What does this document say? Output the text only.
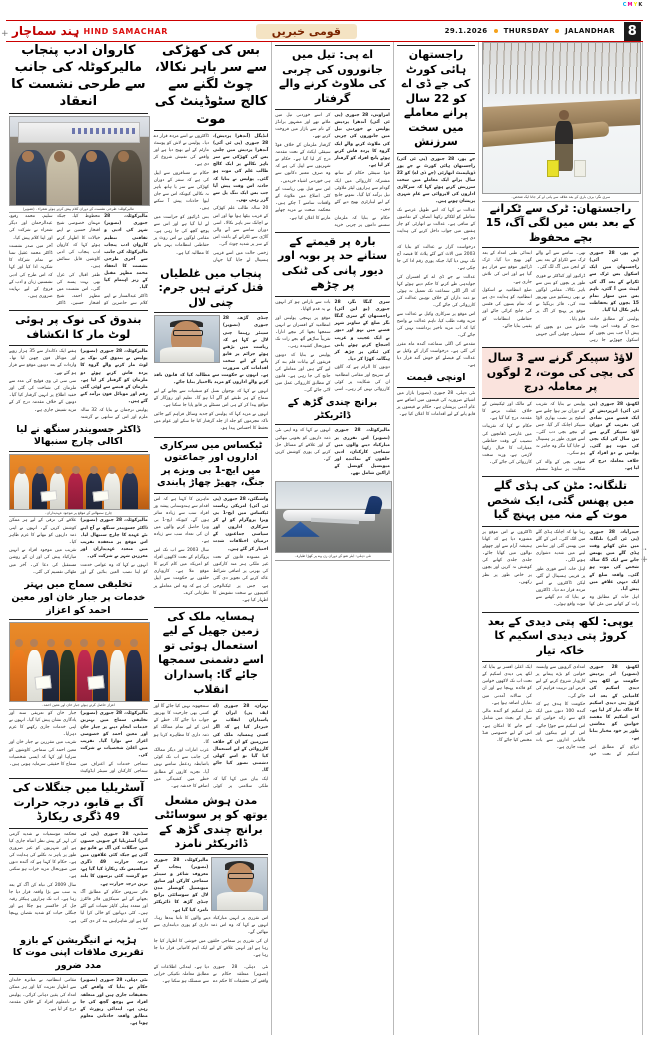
CMYK
+
+
••
ہِند سماچار HIND SAMACHAR	قومی خبریں	29.1.2026 THURSDAY JALANDHAR 8
کاروان ادب پنجاب مالیرکوٹلہ کی جانب سے طرحی نشست کا انعقاد
مالیرکوٹلہ: طرحی نشست کے دوران کلام پیش کرتے ہوئے شعراء۔ (تصویر)

مالیرکوٹلہ، 28 جنوری (تصویر) شہر کی ادبی و ثقافتی تنظیم کاروان ادب پنجاب مالیرکوٹلہ کی جانب سے آخری طرحی نشست کا انعقاد محمد مظہر مقبل کے زیر اہتمام کیا گیا۔

ڈاکٹر عبدالستار نے اپنے کلام سے حاضرین کو محظوظ کیا، جبکہ مہمان خصوصی شیخ افتخار حسین نے اپنے خیالات کا اظہار کرتے ہوئے کہا کہ کاروان ادب پنجاب کی ادبی کاوشیں قابل ستائش ہیں۔

ظفر اقبال کی غزل بھی بہت پسند کی گئی۔ اس نشست میں مظہر احمد، شیخ افتخار حسین، ڈاکٹر سلیم، محمد رفیع، عبدالرحمان اور دیگر شعراء نے شرکت کی اور اپنا کلام پیش کیا۔

آخر میں صدر نشست ڈاکٹر محمد عقیل تمنا نے تمام شرکاء کا شکریہ ادا کیا اور کہا کہ اس طرح کی ادبی نشستیں زبان و ادب کے فروغ کے لیے نہایت ضروری ہیں۔

بندوق کی نوک پر ہوئی لوٹ مار کا انکشاف

مالیرکوٹلہ، 28 جنوری (تصویر) پولیس نے بندوق کی نوک پر لوٹ مار کرنے والے گروہ کا پردہ فاش کرتے ہوئے دو ملزمان کو گرفتار کر لیا ہے۔ ملزمان کے قبضے سے لوٹی گئی رقم اور موبائل فون برآمد کیے گئے ہیں۔

پولیس ترجمان نے بتایا کہ 32 سالہ ملزم اور اس کے ساتھی نے گزشتہ ہفتے ایک دکاندار سے 35 ہزار روپے اور موبائل فون چھین لیا تھا۔ واردات کے بعد دونوں موقع سے فرار ہو گئے تھے۔

سی سی ٹی وی فوٹیج کی مدد سے ملزمان کی شناخت کی گئی اور خفیہ اطلاع پر انہیں گرفتار کیا گیا۔ دونوں کے خلاف مقدمہ درج کر کے مزید تفتیش جاری ہے۔

ڈاکٹر جسویندر سنگھ نے لیا اکالی چارج سنبھالا
چارج سنبھالنے کے موقع پر موجود عہدیداران۔

مالیرکوٹلہ، 28 جنوری (تصویر) ڈاکٹر جسویندر سنگھ نے آج اپنے نئے عہدے کا چارج سنبھال لیا۔ اس موقع پر منعقدہ تقریب میں متعدد عہدیداران اور معززین شہر نے شرکت کی۔

انہوں نے کہا کہ وہ عوامی خدمت کو اپنا نصب العین بنائیں گے اور علاقے کی ترقی کے لیے ہر ممکن کوشش کریں گے۔ انہوں نے اپنی ذمہ داریوں کو نبھانے کا عزم ظاہر کیا۔

تقریب میں موجود افراد نے انہیں مبارکباد پیش کی اور ان کے روشن مستقبل کی دعا کی۔ آخر میں مٹھائی تقسیم کی گئی۔

تخلیقی سماج میں بہتر خدمات پر جبار خان اور معین احمد کو اعزاز
اعزاز حاصل کرتے ہوئے جبار خان اور معین احمد۔

مالیرکوٹلہ، 28 جنوری (تصویر) تخلیقی سماج میں بہترین خدمات انجام دینے پر جبار خان اور معین احمد کو خصوصی اعزاز سے نوازا گیا۔ تقریب میں اعلیٰ شخصیات نے شرکت کی۔

سماجی خدمات کے اعتراف میں سماجی کارکنان اور سینئر ایڈوکیٹ جبار خان کو تعریفی سند اور یادگاری نشان پیش کیا گیا۔ انہوں نے اپنی خدمات جاری رکھنے کا عزم دہرایا۔

تقریب میں مقررین نے جبار خان اور معین احمد کی سماجی کاوشوں کو سراہا اور کہا کہ ایسی شخصیات سماج کا حقیقی سرمایہ ہوتی ہیں۔

آسٹریلیا میں جنگلات کی آگ بے قابو، درجہ حرارت 49 ڈگری ریکارڈ

سڈنی، 28 جنوری (پی ٹی آئی) آسٹریلیا کے جنوبی حصوں میں جنگلات کی آگ بے قابو ہو گئی ہے جبکہ کئی علاقوں میں درجہ حرارت 49 ڈگری سیلسیس تک ریکارڈ کیا گیا ہے، جو گزشتہ کئی برسوں کا بلند ترین درجہ حرارت ہے۔

فائر سروس حکام کے مطابق آگ بجھانے کے لیے سینکڑوں فائر فائٹرز اور متعدد ہیلی کاپٹر تعینات کیے گئے ہیں۔ کئی دیہاتوں کو خالی کرا لیا گیا ہے اور شاہراہیں بند کر دی گئی ہیں۔

محکمہ موسمیات نے شدید گرمی کی لہر کے پیش نظر انتباہ جاری کیا ہے اور شہریوں کو غیر ضروری طور پر باہر نہ نکلنے کی ہدایت کی ہے۔ حکام کا کہنا ہے کہ آئندہ دنوں میں صورتحال مزید خراب ہو سکتی ہے۔

سال 2009 کی تباہ کن آگ کے بعد یہ سب سے بڑا واقعہ قرار دیا جا رہا ہے۔ اب تک ہزاروں ہیکٹر رقبہ جل کر خاکستر ہو چکا ہے اور جنگلی حیات کو شدید نقصان پہنچا ہے۔

ہڑپہ نے انیگریشن کے بازو تقریری ملاقات اپنی موت کا مدد ضرور

نئی دہلی، 28 جنوری (تصویر) حکام نے بتایا کہ واقعے کی تحقیقات جاری ہیں اور متعلقہ افراد سے پوچھ گچھ کی جا رہی ہے۔ ابتدائی رپورٹ کے مطابق واقعہ حادثاتی معلوم ہوتا ہے۔

مقامی انتظامیہ نے متاثرہ خاندان سے اظہار تعزیت کیا اور ہر ممکن امداد کی یقین دہانی کرائی۔ پولیس نے نامعلوم افراد کے خلاف مقدمہ درج کر لیا ہے۔

بس کی کھڑکی سے سر باہر نکالا، چوٹ لگنے سے کالج سٹوڈینٹ کی موت

انڈیگل (آندھرا پردیش)، 28 جنوری (پی ٹی آئی) آندھرا پردیش میں چلتی بس کی کھڑکی سے سر باہر نکالنے پر ایک کالج طالب علم کی موت ہو گئی۔ پولیس نے بتایا کہ حادثہ اس وقت پیش آیا جب بس ایک تنگ پل سے گزر رہی تھی۔

20 سالہ طالب علم کھڑکی کے قریب بیٹھا ہوا تھا اور اس نے اچانک سر باہر نکالا۔ اسی دوران سامنے سے آنے والی گاڑی سے ٹکرانے کے باعث اس کے سر پر شدید چوٹ آئی۔

زخمی حالت میں اسے قریبی ہسپتال لے جایا گیا جہاں ڈاکٹروں نے اسے مردہ قرار دے دیا۔ پولیس نے لاش کو پوسٹ مارٹم کے لیے بھیج دیا ہے اور واقعے کی تفتیش شروع کر دی ہے۔

حکام نے مسافروں سے اپیل کی ہے کہ سفر کے دوران کھڑکی سے سر یا ہاتھ باہر نہ نکالیں کیونکہ اس سے جان لیوا حادثات پیش آ سکتے ہیں۔

بس ڈرائیور کو حراست میں لے لیا گیا ہے اور اس سے پوچھ گچھ کی جا رہی ہے۔ مقامی لوگوں نے اس روٹ پر حفاظتی انتظامات بہتر بنانے کا مطالبہ کیا ہے۔

پنجاب میں غلطیاں قتل کرتے ہیں جرم: چنی لال

چنڈی گڑھ، 28 جنوری (تصویر) سینئر رہنما چنی لال نے کہا ہے کہ ریاست میں بڑھتے ہوئے جرائم پر قابو پانے کے لیے سخت اقدامات کی ضرورت ہے۔ انہوں نے حکومت سے مطالبہ کیا کہ قانون نافذ کرنے والے اداروں کو مزید بااختیار بنایا جائے۔

انہوں نے کہا کہ نوجوان نسل کو منشیات سے بچانے کے لیے سماج کے ہر طبقے کو آگے آنا ہو گا۔ تعلیم اور روزگار کے مواقع پیدا کر کے ہی اس مسئلے پر قابو پایا جا سکتا ہے۔

انہوں نے مزید کہا کہ پولیس کو جدید وسائل فراہم کیے جائیں تاکہ مجرموں کو جلد از جلد گرفتار کیا جا سکے اور عوام میں تحفظ کا احساس پیدا ہو۔

ٹیکساس میں سرکاری اداروں اور جماعتوں میں ایچ-1 بی ویزے پر جنگ، چھیڑ چھاڑ پابندی

واشنگٹن، 28 جنوری (پی ٹی آئی) امریکی ریاست ٹیکساس میں ایچ-1 بی ویزا پروگرام کو لے کر سرکاری اداروں اور سیاسی جماعتوں کے درمیان اختلافات شدت اختیار کر گئے ہیں۔

نئے مسودہ قانون کے تحت غیر ملکی ہنر مند کارکنوں کی بھرتی پر اضافی شرائط عائد کرنے کی تجویز دی گئی ہے، جس پر ٹیکنالوجی کمپنیوں نے سخت تشویش کا اظہار کیا ہے۔

ماہرین کا کہنا ہے کہ اس اقدام سے ہندوستانی پیشہ ور افراد سب سے زیادہ متاثر ہوں گے، کیونکہ ایچ-1 بی ویزا حاصل کرنے والوں میں ان کی تعداد سب سے زیادہ ہے۔

سال 2003 سے اب تک اس پروگرام کے تحت لاکھوں افراد کو امریکہ میں کام کرنے کا موقع ملا ہے۔ کاروباری حلقوں نے حکومت سے اپیل کی ہے کہ وہ اس معاملے پر نظرثانی کرے۔

ہمسایہ ملک کی زمین جھیل کے لیے استعمال ہوئی تو اسے دشمنی سمجھا جائے گا: پاسداران انقلاب

تہران، 28 جنوری (اے ایف پی) ایران کے پاسداران انقلاب نے خبردار کیا ہے کہ اگر کسی ہمسایہ ملک کی سرزمین کو ان کے خلاف کارروائی کے لیے استعمال کیا گیا تو اسے کھلی دشمنی تصور کیا جائے گا۔

ایک بیان میں کہا گیا کہ ملکی سلامتی پر کوئی سمجھوتہ نہیں کیا جائے گا اور کسی بھی جارحیت کا بھرپور جواب دیا جائے گا۔ خطے کے امن کے لیے تمام ممالک کو ذمہ داری کا مظاہرہ کرنا ہو گا۔

عرب امارات اور دیگر ممالک کی جانب سے اب تک کوئی باضابطہ ردعمل سامنے نہیں آیا۔ تجزیہ کاروں کے مطابق خطے میں کشیدگی میں اضافے کا خدشہ ہے۔

مدن ہوش مشعل یوتھ کو پر سوسائٹی برانچ چندی گڑھ کے ڈائریکٹر نامزد

مالیرکوٹلہ، 28 جنوری (تصویر) پنجاب کے معروف شاعر و سینئر سماجی کارکن اور سابق میونسپل کونسلر مدن لال کو سوسائٹی برانچ چنڈی گڑھ کا ڈائریکٹر نامزد کیا گیا ہے۔

اس تقرری پر انہیں مبارکباد دینے والوں کا تانتا بندھا رہا۔ انہوں نے کہا کہ وہ اس ذمہ داری کو پوری دیانتداری سے نبھائیں گے۔

ان کی تقرری پر سماجی حلقوں میں خوشی کا اظہار کیا جا رہا ہے اور انہیں علاقے کے لیے ایک اہم کامیابی قرار دیا جا رہا ہے۔

نئی دہلی، 28 جنوری (تصویر) متعلقہ حکام نے واقعے کی تحقیقات کا حکم دے دیا ہے۔ ابتدائی اطلاعات کے مطابق معاملہ تکنیکی خرابی سے منسلک ہو سکتا ہے۔

اے پی: تیل میں جانوروں کی چربی کی ملاوٹ کرنے والے گرفتار

امراوتی، 28 جنوری (پی ٹی آئی) آندھرا پردیش پولیس نے خوردنی تیل میں جانوروں کی چربی کی ملاوٹ کرنے والے ایک گروہ کا پردہ فاش کرتے ہوئے پانچ افراد کو گرفتار کر لیا ہے۔

فوڈ سیفٹی حکام کے ساتھ مشترکہ کارروائی میں ایک گودام سے ہزاروں لیٹر ملاوٹی تیل برآمد کیا گیا۔ نمونے جانچ کے لیے لیبارٹری بھیج دیے گئے ہیں۔

حکام نے بتایا کہ ملزمان سستے داموں پر چربی خرید کر اسے خوردنی تیل میں ملاتے تھے اور مشہور برانڈز کے نام سے بازار میں فروخت کرتے تھے۔

گرفتار ملزمان کے خلاف فوڈ سیفٹی ایکٹ کے تحت مقدمہ درج کر لیا گیا ہے۔ حکام نے شہریوں سے اپیل کی ہے کہ وہ صرف معتبر دکانوں سے ہی خوردنی اشیاء خریدیں۔

اس سے قبل بھی ریاست کے کئی اضلاع میں ملاوٹ کے واقعات سامنے آ چکے ہیں۔ محکمہ صحت نے مزید چھاپے مارنے کا اعلان کیا ہے۔

بارہ پر قیمتے کے ستانے حد پر بوبہ اور دیور پانی کی ٹنکی پر چڑھے

سری گنگا نگر، 28 جنوری (یو این آئی) راجستھان کے سری گنگا نگر ضلع کے ساوتر شہر قصبے میں بہو اور دیور نے ایک عجیب و غریب احتجاج کرتے ہوئے پانی کی ٹنکی پر چڑھ کر ہنگامہ کھڑا کر دیا۔

دونوں کا الزام ہے کہ گاؤں کے سرپنچ اور مقامی انتظامیہ ان کی شکایت پر کوئی کارروائی نہیں کر رہی۔ اسی بات سے ناراض ہو کر انہوں نے یہ قدم اٹھایا۔

موقع پر پہنچی پولیس اور انتظامیہ کے افسران نے انہیں سمجھا بجھا کر نیچے اتارا۔ تقریباً ساڑھے آٹھ بجے رات تک صورتحال کشیدہ رہی۔

پولیس نے بتایا کہ دونوں فریقوں کے بیانات قلم بند کر لیے گئے ہیں اور معاملے کی جانچ کی جا رہی ہے۔ قانون کے مطابق کارروائی عمل میں لائی جائے گی۔

برانچ چندی گڑھ کے ڈائریکٹر

مالیرکوٹلہ، 28 جنوری (تصویر) اس تقرری پر مبارکباد دینے والوں میں سماجی کارکنان، ادبی حلقوں کے نمائندے اور میونسپل کونسل کے اراکین شامل تھے۔

انہوں نے کہا کہ وہ اپنی نئی ذمہ داریوں کو بخوبی نبھائیں گے اور علاقے کے مسائل حل کرنے کی پوری کوشش کریں گے۔

نئی دہلی: ایئر شو کے دوران رن وے پر کھڑا طیارہ۔
راجستھان ہائی کورٹ کی جے ڈی اے کو 22 سال پرانے معاملے میں سخت سرزنش

جے پور، 28 جنوری (پی ٹی آئی) راجستھان ہائی کورٹ نے جے پور ڈویلپمنٹ اتھارٹی (جے ڈی اے) کو 22 سال پرانے ایک معاملے میں سخت سرزنش کرتے ہوئے کہا کہ سرکاری اداروں کی لاپروائی سے عام شہری پریشان ہوتے ہیں۔

عدالت نے کہا کہ اتنے طویل عرصے تک معاملے کو لٹکائے رکھنا انصاف کے تقاضوں کے منافی ہے۔ عدالت نے اتھارٹی کو چار ہفتوں میں جواب داخل کرنے کی ہدایت دی ہے۔

درخواست گزار نے عدالت کو بتایا کہ 2003 میں الاٹ کیے گئے پلاٹ کا قبضہ آج تک نہیں دیا گیا، جبکہ پوری رقم ادا کی جا چکی ہے۔

عدالت نے جے ڈی اے کے افسران کی جوابدہی طے کرنے کا حکم دیتے ہوئے کہا کہ اگر اگلی سماعت تک تعمیل نہ ہوئی تو ذمہ داران کے خلاف توہین عدالت کی کارروائی کی جائے گی۔

اس موقع پر سرکاری وکیل نے عدالت سے مزید وقت طلب کیا، تاہم عدالت نے واضح کیا کہ اب مزید تاخیر برداشت نہیں کی جائے گی۔

مقدمے کی اگلی سماعت آئندہ ماہ مقرر کی گئی ہے۔ درخواست گزار کے وکیل نے عدالت کے فیصلے کو خوش آئند قرار دیا ہے۔

اونچی قیمت

نئی دہلی، 28 جنوری (تصویر) بازار میں اشیائے ضروریہ کی قیمتوں میں اضافے سے عام آدمی پریشان ہے۔ حکام نے قیمتوں پر قابو پانے کے لیے اقدامات کا اعلان کیا ہے۔

سری نگر: برف باری کے بعد علاقہ سے پانی لے کر جاتا ایک شخص۔
راجستھان: ٹرک سے ٹکرانے کے بعد بس میں لگی آگ، 15 بچے محفوظ

جے پور، 28 جنوری (پی ٹی آئی) راجستھان میں ایک اسکول بس ٹرک سے ٹکرانے کے بعد آگ کی لپیٹ میں آ گئی، تاہم بس میں سوار تمام 15 بچوں کو بحفاظت باہر نکال لیا گیا۔

پولیس کے مطابق حادثہ صبح کے وقت اس وقت پیش آیا جب بس بچوں کو اسکول چھوڑنے جا رہی تھی۔ سامنے سے آنے والے ٹرک سے ٹکراؤ کے بعد بس کے انجن میں آگ لگ گئی۔

ڈرائیور اور کنڈکٹر نے فوری طور پر بچوں کو بس سے باہر نکالا۔ مقامی لوگوں نے بھی ریسکیو میں بھرپور مدد کی۔ فائر بریگیڈ نے موقع پر پہنچ کر آگ پر قابو پایا۔

حادثے میں دو بچوں کو معمولی چوٹیں آئیں جنہیں ابتدائی طبی امداد کے بعد گھر بھیج دیا گیا۔ ٹرک ڈرائیور موقع سے فرار ہو گیا ہے اور اس کی تلاش جاری ہے۔

ضلع انتظامیہ نے اسکول انتظامیہ کو ہدایت دی ہے کہ تمام بسوں کی فٹنس کی جانچ کرائی جائے اور حفاظتی انتظامات کو یقینی بنایا جائے۔

لاؤڈ سپیکر گرنے سے 3 سال کی بچی کی موت، 2 لوگوں پر معاملہ درج

لکھنؤ، 28 جنوری (پی ٹی آئی) اترپردیش کے ایک قصبے میں شادی کی تقریب کے دوران لاؤڈ سپیکر گرنے سے تین سال کی ایک بچی کی موت ہو گئی۔ پولیس نے دو افراد کے خلاف معاملہ درج کر لیا ہے۔

پولیس نے بتایا کہ تقریب کے دوران تیز ہوا چلنے سے اسٹیج پر نصب بھاری لاؤڈ سپیکر اچانک گر گیا، جس کے نیچے بچی دب گئی۔ اسے فوری طور پر ہسپتال لے جایا گیا مگر وہ جانبر نہ ہو سکی۔

متوفی بچی کے والد کی شکایت پر ساؤنڈ سسٹم کے مالک اور ٹیکنیشن کے خلاف غفلت برتنے کا مقدمہ درج کیا گیا ہے۔

حکام نے کہا کہ تقریبات میں عارضی ڈھانچوں کی تنصیب کے وقت حفاظتی معیارات کا خیال رکھنا لازمی ہے، ورنہ سخت کارروائی کی جائے گی۔

تلنگانہ: مٹن کی ہڈی گلے میں پھنس گئی، ایک شخص موت کے منہ میں پہنچ گیا

حیدرآباد، 28 جنوری (پی ٹی آئی) تلنگانہ میں مٹن کھاتے وقت ہڈی گلے میں پھنس جانے سے ایک 45 سالہ شخص کی موت ہو گئی۔ واقعہ ضلع کے ایک دیہی علاقے میں پیش آیا۔

اہل خانہ کے مطابق وہ رات کے کھانے میں مٹن کھا رہا تھا کہ اچانک ہڈی گلے میں اٹک گئی۔ اس کے گلے میں پھنس گئی اور سانس لینے میں شدید دشواری ہونے لگی۔

اہل خانہ اسے فوری طور پر قریبی ہسپتال لے گئے، لیکن ڈاکٹروں نے اسے مردہ قرار دے دیا۔ ڈاکٹروں نے بتایا کہ دم گھٹنے سے موت واقع ہوئی۔

ڈاکٹروں نے اس موقع پر مشورہ دیا ہے کہ کھانا ہمیشہ آرام سے اور چھوٹے نوالوں میں کھایا جائے۔ جلدی جلدی کھانے کی کوشش نہ کریں اور بچوں پر خاص طور پر نظر رکھیں۔

یوپی: لکھ پتی دیدی کے بعد کروڑ پتی دیدی اسکیم کا خاکہ تیار

لکھنؤ، 28 جنوری (تصویر) اتر پردیش حکومت نے لکھ پتی دیدی اسکیم کی کامیابی کے بعد اب کروڑ پتی دیدی اسکیم کا خاکہ تیار کر لیا ہے۔ اس اسکیم کا مقصد خواتین کو معاشی طور پر خود مختار بنانا ہے۔

ذرائع کے مطابق اس اسکیم کے تحت خود امدادی گروپوں سے وابستہ خواتین کو بڑے پیمانے پر کاروبار شروع کرنے کے لیے قرض اور تربیت فراہم کی جائے گی۔

حکومت کا ہدف ہے کہ آئندہ 100 دنوں میں ایک لاکھ سے زائد خواتین کو اس اسکیم سے جوڑا جائے۔ اس کے لیے بینکوں اور مالیاتی اداروں سے بات چیت جاری ہے۔

ایک اعلیٰ افسر نے بتایا کہ لکھ پتی دیدی اسکیم کے تحت اب تک لاکھوں خواتین کو فائدہ پہنچا ہے اور ان کی سالانہ آمدنی میں نمایاں اضافہ ہوا ہے۔

نئی اسکیم کو آئندہ مالی سال کے بجٹ میں شامل کیے جانے کا امکان ہے۔ اس کے لیے خصوصی فنڈ مختص کیا جائے گا۔
